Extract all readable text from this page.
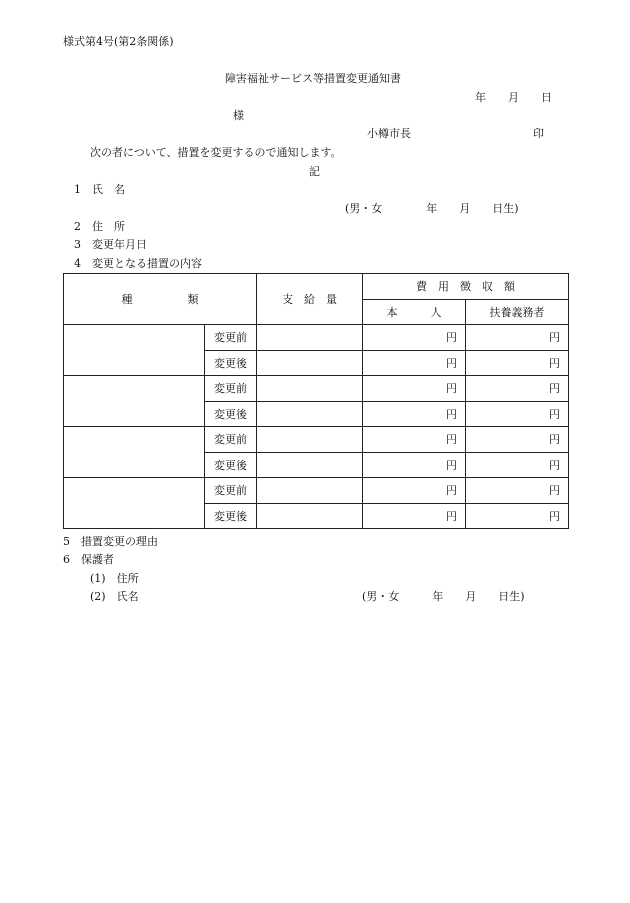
様式第4号(第2条関係)
障害福祉サービス等措置変更通知書
年　　月　　日
様
小樽市長	印
次の者について、措置を変更するので通知します。
記
1　氏　名
(男・女　　　　年　　月　　日生)
2　住　所
3　変更年月日
4　変更となる措置の内容
種　　　　　類		支　給　量	費　用　徴　収　額	
			本　　　人	扶養義務者
	変更前		円	円
	変更後		円	円
	変更前		円	円
	変更後		円	円
	変更前		円	円
	変更後		円	円
	変更前		円	円
	変更後		円	円
5　措置変更の理由
6　保護者
(1)　住所
(2)　氏名	(男・女　　　年　　月　　日生)
